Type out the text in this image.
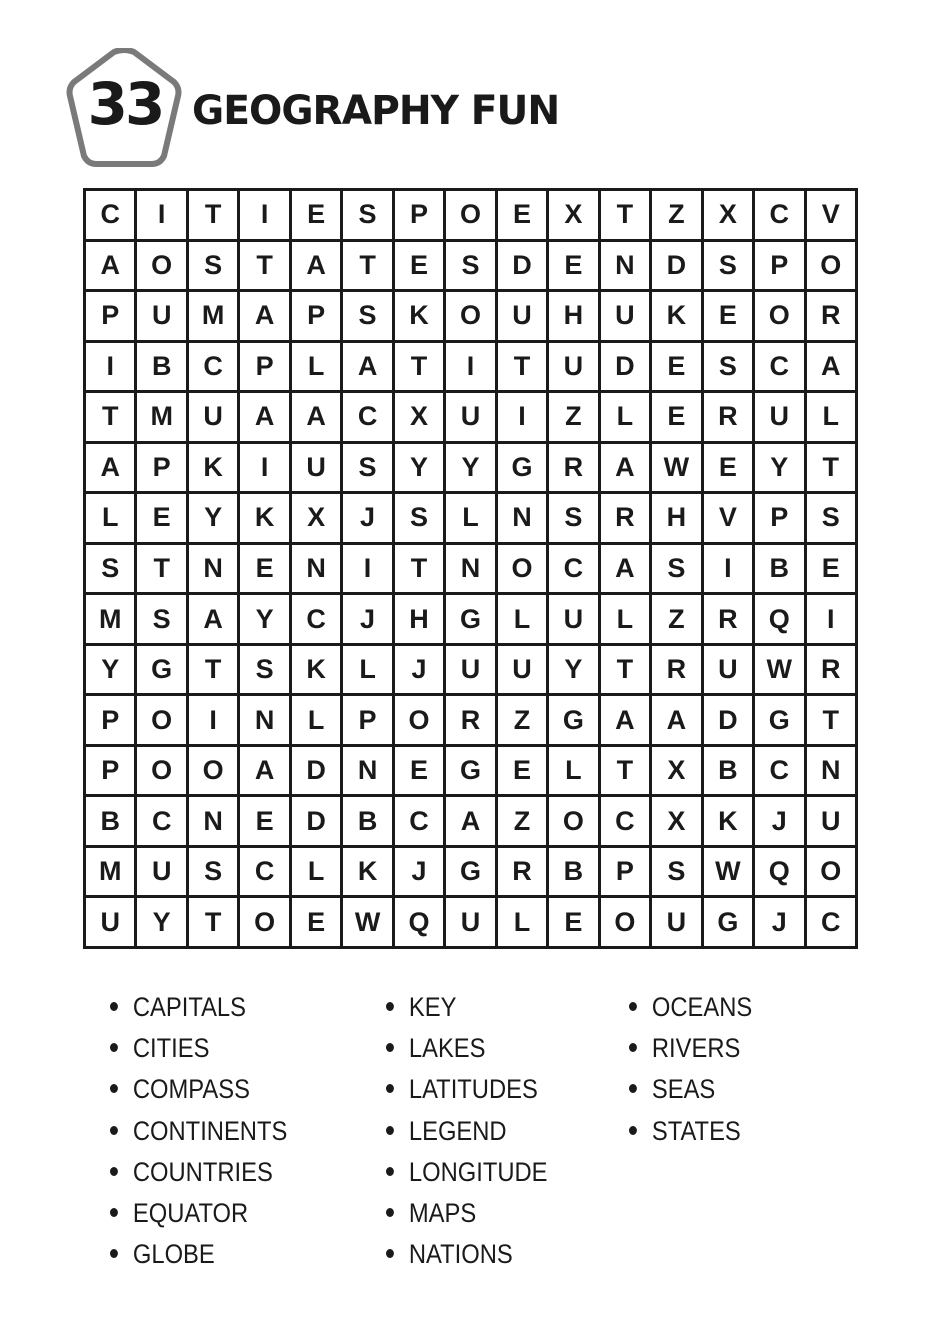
33 GEOGRAPHY FUN
C	I	T	I	E	S	P	O	E	X	T	Z	X	C	V
A	O	S	T	A	T	E	S	D	E	N	D	S	P	O
P	U	M	A	P	S	K	O	U	H	U	K	E	O	R
I	B	C	P	L	A	T	I	T	U	D	E	S	C	A
T	M	U	A	A	C	X	U	I	Z	L	E	R	U	L
A	P	K	I	U	S	Y	Y	G	R	A	W	E	Y	T
L	E	Y	K	X	J	S	L	N	S	R	H	V	P	S
S	T	N	E	N	I	T	N	O	C	A	S	I	B	E
M	S	A	Y	C	J	H	G	L	U	L	Z	R	Q	I
Y	G	T	S	K	L	J	U	U	Y	T	R	U	W	R
P	O	I	N	L	P	O	R	Z	G	A	A	D	G	T
P	O	O	A	D	N	E	G	E	L	T	X	B	C	N
B	C	N	E	D	B	C	A	Z	O	C	X	K	J	U
M	U	S	C	L	K	J	G	R	B	P	S	W	Q	O
U	Y	T	O	E	W	Q	U	L	E	O	U	G	J	C
CAPITALS
CITIES
COMPASS
CONTINENTS
COUNTRIES
EQUATOR
GLOBE
KEY
LAKES
LATITUDES
LEGEND
LONGITUDE
MAPS
NATIONS
OCEANS
RIVERS
SEAS
STATES
